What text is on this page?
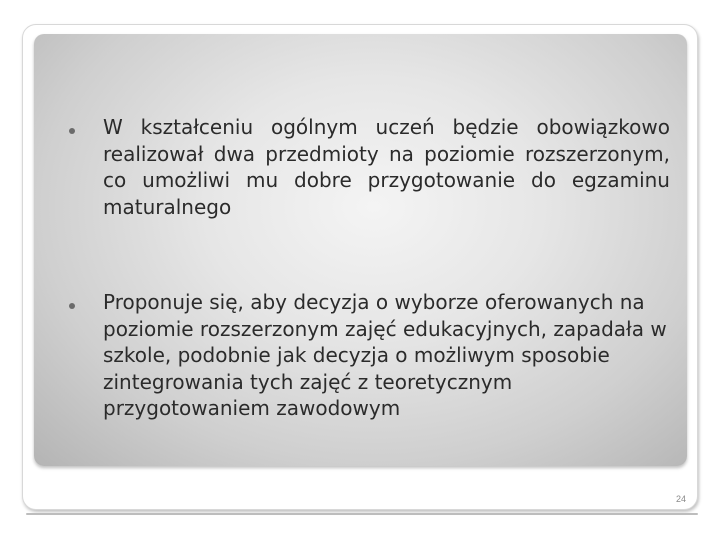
W kształceniu ogólnym uczeń będzie obowiązkowo realizował dwa przedmioty na poziomie rozszerzonym, co umożliwi mu dobre przygotowanie do egzaminu maturalnego
Proponuje się, aby decyzja o wyborze oferowanych na poziomie rozszerzonym zajęć edukacyjnych, zapadała w szkole, podobnie jak decyzja o możliwym sposobie zintegrowania tych zajęć z teoretycznym przygotowaniem zawodowym
24
